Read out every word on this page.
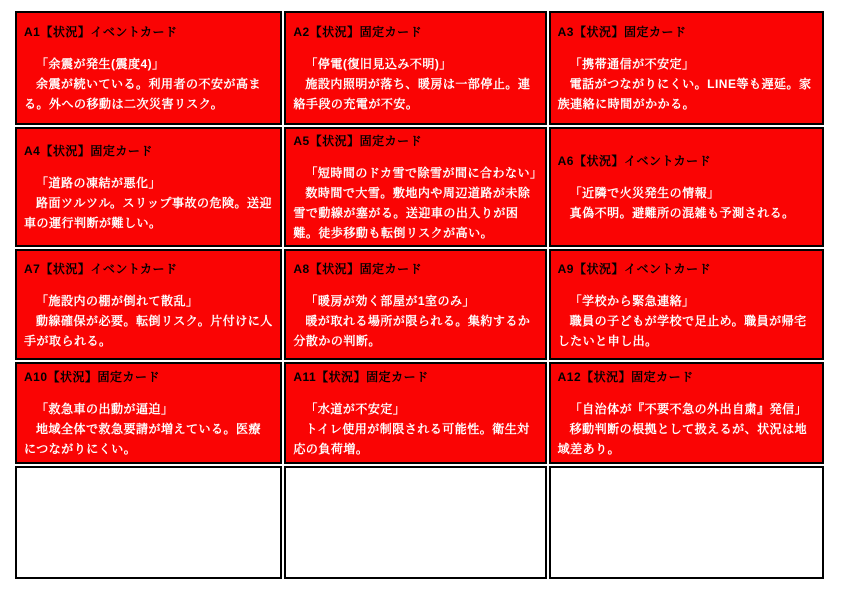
A1【状況】イベントカード
「余震が発生(震度4)」
余震が続いている。利用者の不安が高まる。外への移動は二次災害リスク。

A2【状況】固定カード
「停電(復旧見込み不明)」
施設内照明が落ち、暖房は一部停止。連絡手段の充電が不安。

A3【状況】固定カード
「携帯通信が不安定」
電話がつながりにくい。LINE等も遅延。家族連絡に時間がかかる。

A4【状況】固定カード
「道路の凍結が悪化」
路面ツルツル。スリップ事故の危険。送迎車の運行判断が難しい。

A5【状況】固定カード
「短時間のドカ雪で除雪が間に合わない」
数時間で大雪。敷地内や周辺道路が未除雪で動線が塞がる。送迎車の出入りが困難。徒歩移動も転倒リスクが高い。

A6【状況】イベントカード
「近隣で火災発生の情報」
真偽不明。避難所の混雑も予測される。

A7【状況】イベントカード
「施設内の棚が倒れて散乱」
動線確保が必要。転倒リスク。片付けに人手が取られる。

A8【状況】固定カード
「暖房が効く部屋が1室のみ」
暖が取れる場所が限られる。集約するか分散かの判断。

A9【状況】イベントカード
「学校から緊急連絡」
職員の子どもが学校で足止め。職員が帰宅したいと申し出。

A10【状況】固定カード
「救急車の出動が逼迫」
地域全体で救急要請が増えている。医療につながりにくい。

A11【状況】固定カード
「水道が不安定」
トイレ使用が制限される可能性。衛生対応の負荷増。

A12【状況】固定カード
「自治体が『不要不急の外出自粛』発信」
移動判断の根拠として扱えるが、状況は地域差あり。
